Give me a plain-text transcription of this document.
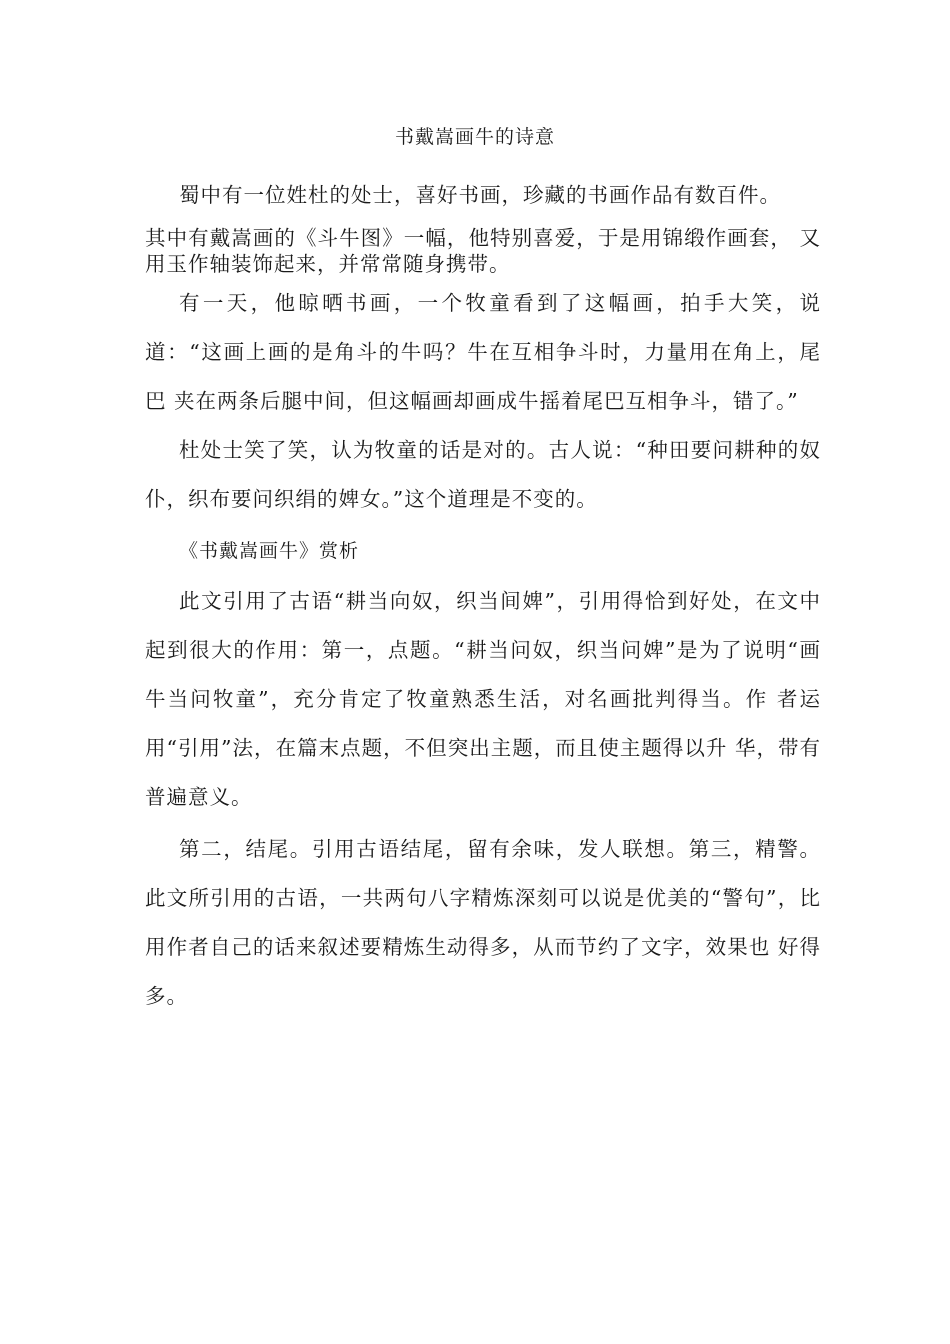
书戴嵩画牛的诗意

蜀中有一位姓杜的处士，喜好书画，珍藏的书画作品有数百件。

其中有戴嵩画的《斗牛图》一幅，他特别喜爱，于是用锦缎作画套， 又用玉作轴装饰起来，并常常随身携带。

有一天，他晾晒书画，一个牧童看到了这幅画，拍手大笑，说道：“这画上画的是角斗的牛吗？牛在互相争斗时，力量用在角上，尾巴 夹在两条后腿中间，但这幅画却画成牛摇着尾巴互相争斗，错了。”

杜处士笑了笑，认为牧童的话是对的。古人说：“种田要问耕种的奴仆，织布要问织绢的婢女。”这个道理是不变的。

《书戴嵩画牛》赏析

此文引用了古语“耕当向奴，织当间婢”，引用得恰到好处，在文中起到很大的作用：第一，点题。“耕当问奴，织当问婢”是为了说明“画牛当问牧童”，充分肯定了牧童熟悉生活，对名画批判得当。作 者运用“引用”法，在篇末点题，不但突出主题，而且使主题得以升 华，带有普遍意义。

第二，结尾。引用古语结尾，留有余味，发人联想。第三，精警。此文所引用的古语，一共两句八字精炼深刻可以说是优美的“警句”，比用作者自己的话来叙述要精炼生动得多，从而节约了文字，效果也 好得多。
